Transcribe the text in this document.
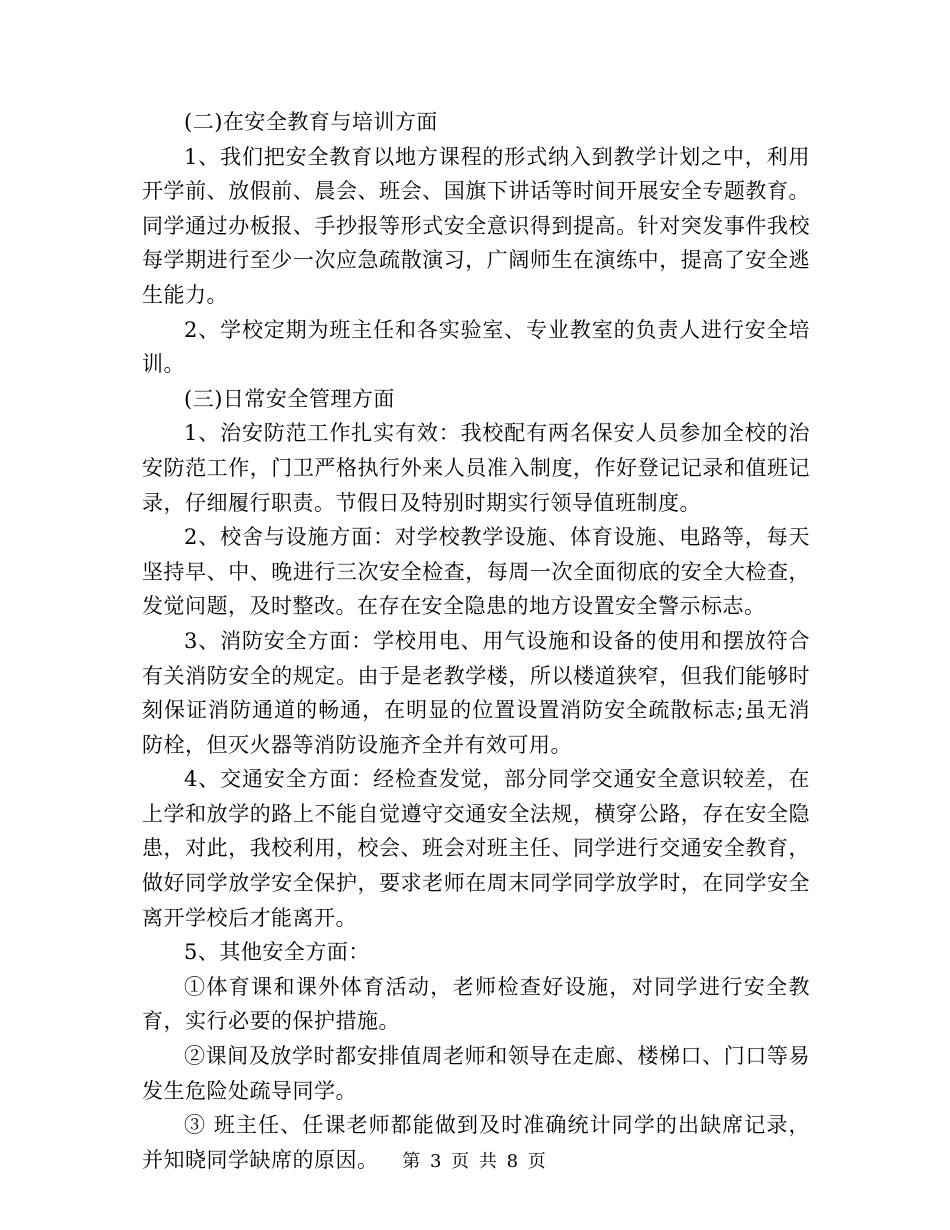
(二)在安全教育与培训方面

1、我们把安全教育以地方课程的形式纳入到教学计划之中，利用开学前、放假前、晨会、班会、国旗下讲话等时间开展安全专题教育。同学通过办板报、手抄报等形式安全意识得到提高。针对突发事件我校每学期进行至少一次应急疏散演习，广阔师生在演练中，提高了安全逃生能力。

2、学校定期为班主任和各实验室、专业教室的负责人进行安全培训。

(三)日常安全管理方面

1、治安防范工作扎实有效：我校配有两名保安人员参加全校的治安防范工作，门卫严格执行外来人员准入制度，作好登记记录和值班记录，仔细履行职责。节假日及特别时期实行领导值班制度。

2、校舍与设施方面：对学校教学设施、体育设施、电路等，每天坚持早、中、晚进行三次安全检查，每周一次全面彻底的安全大检查，发觉问题，及时整改。在存在安全隐患的地方设置安全警示标志。

3、消防安全方面：学校用电、用气设施和设备的使用和摆放符合有关消防安全的规定。由于是老教学楼，所以楼道狭窄，但我们能够时刻保证消防通道的畅通，在明显的位置设置消防安全疏散标志;虽无消防栓，但灭火器等消防设施齐全并有效可用。

4、交通安全方面：经检查发觉，部分同学交通安全意识较差，在上学和放学的路上不能自觉遵守交通安全法规，横穿公路，存在安全隐患，对此，我校利用，校会、班会对班主任、同学进行交通安全教育，做好同学放学安全保护，要求老师在周末同学同学放学时，在同学安全离开学校后才能离开。

5、其他安全方面：

①体育课和课外体育活动，老师检查好设施，对同学进行安全教育，实行必要的保护措施。

②课间及放学时都安排值周老师和领导在走廊、楼梯口、门口等易发生危险处疏导同学。

③ 班主任、任课老师都能做到及时准确统计同学的出缺席记录，并知晓同学缺席的原因。	第 3 页 共 8 页
